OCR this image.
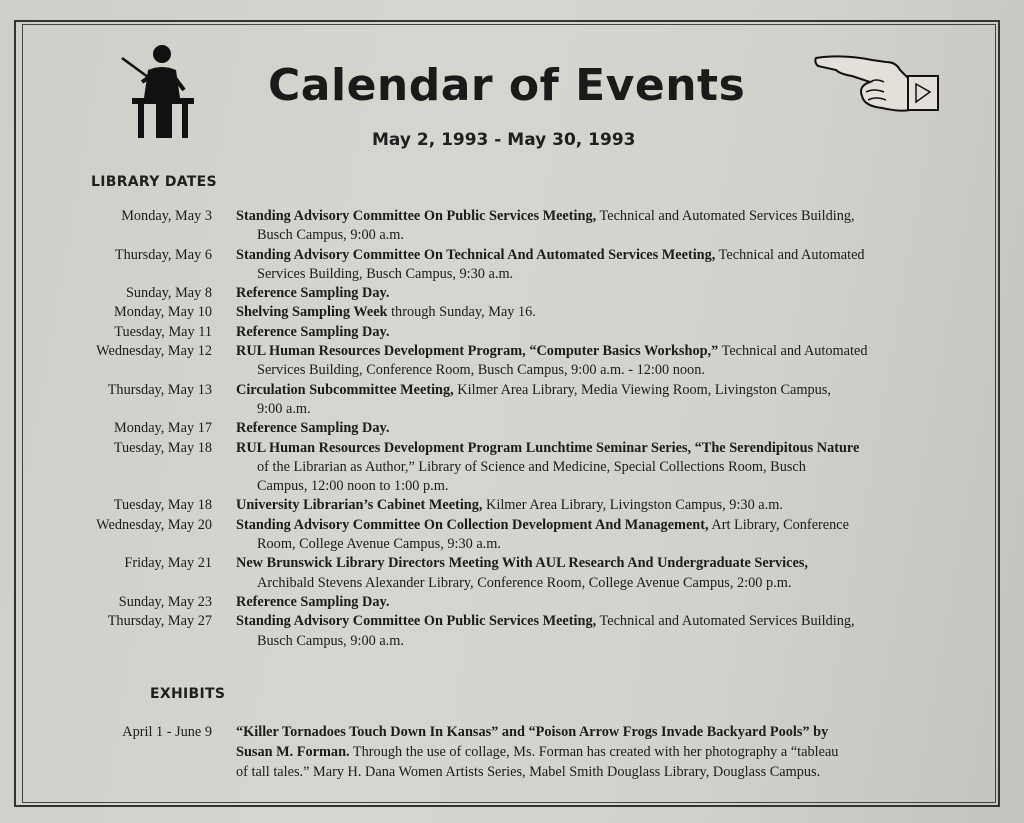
Calendar of Events
May 2, 1993 - May 30, 1993
LIBRARY DATES
Monday, May 3	Standing Advisory Committee On Public Services Meeting, Technical and Automated Services Building,
Busch Campus, 9:00 a.m.
Thursday, May 6	Standing Advisory Committee On Technical And Automated Services Meeting, Technical and Automated
Services Building, Busch Campus, 9:30 a.m.
Sunday, May 8	Reference Sampling Day.
Monday, May 10	Shelving Sampling Week through Sunday, May 16.
Tuesday, May 11	Reference Sampling Day.
Wednesday, May 12	RUL Human Resources Development Program, “Computer Basics Workshop,” Technical and Automated
Services Building, Conference Room, Busch Campus, 9:00 a.m. - 12:00 noon.
Thursday, May 13	Circulation Subcommittee Meeting, Kilmer Area Library, Media Viewing Room, Livingston Campus,
9:00 a.m.
Monday, May 17	Reference Sampling Day.
Tuesday, May 18	RUL Human Resources Development Program Lunchtime Seminar Series, “The Serendipitous Nature
of the Librarian as Author,” Library of Science and Medicine, Special Collections Room, Busch
Campus, 12:00 noon to 1:00 p.m.
Tuesday, May 18	University Librarian’s Cabinet Meeting, Kilmer Area Library, Livingston Campus, 9:30 a.m.
Wednesday, May 20	Standing Advisory Committee On Collection Development And Management, Art Library, Conference
Room, College Avenue Campus, 9:30 a.m.
Friday, May 21	New Brunswick Library Directors Meeting With AUL Research And Undergraduate Services,
Archibald Stevens Alexander Library, Conference Room, College Avenue Campus, 2:00 p.m.
Sunday, May 23	Reference Sampling Day.
Thursday, May 27	Standing Advisory Committee On Public Services Meeting, Technical and Automated Services Building,
Busch Campus, 9:00 a.m.
EXHIBITS
April 1 - June 9	“Killer Tornadoes Touch Down In Kansas” and “Poison Arrow Frogs Invade Backyard Pools” by
Susan M. Forman. Through the use of collage, Ms. Forman has created with her photography a “tableau
of tall tales.” Mary H. Dana Women Artists Series, Mabel Smith Douglass Library, Douglass Campus.
